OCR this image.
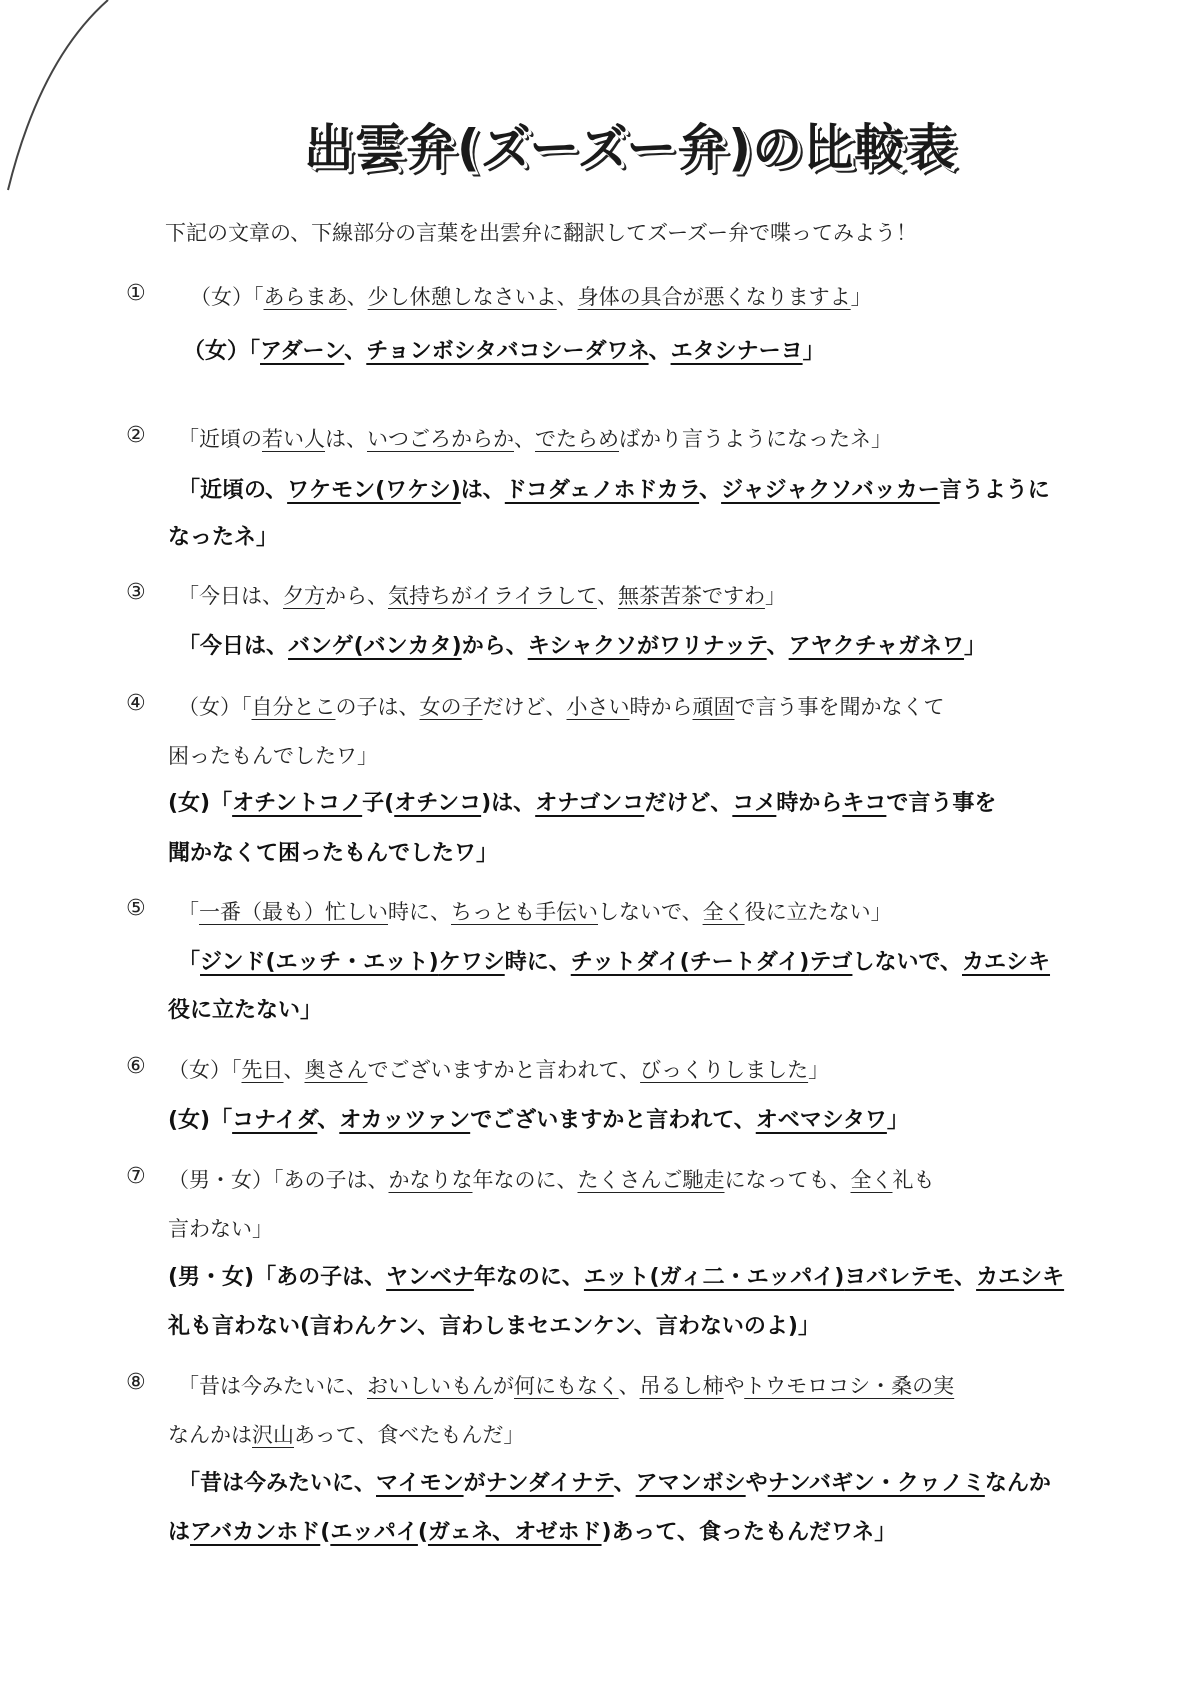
出雲弁(ズーズー弁)の比較表
下記の文章の、下線部分の言葉を出雲弁に翻訳してズーズー弁で喋ってみよう！
① （女）「あらまあ、少し休憩しなさいよ、身体の具合が悪くなりますよ」
（女）「アダーン、チョンボシタバコシーダワネ、エタシナーヨ」
② 「近頃の若い人は、いつごろからか、でたらめばかり言うようになったネ」
「近頃の、ワケモン(ワケシ)は、ドコダェノホドカラ、ジャジャクソバッカー言うように
なったネ」
③ 「今日は、夕方から、気持ちがイライラして、無茶苦茶ですわ」
「今日は、バンゲ(バンカタ)から、キシャクソがワリナッテ、アヤクチャガネワ」
④ （女）「自分とこの子は、女の子だけど、小さい時から頑固で言う事を聞かなくて
困ったもんでしたワ」
(女)「オチントコノ子(オチンコ)は、オナゴンコだけど、コメ時からキコで言う事を
聞かなくて困ったもんでしたワ」
⑤ 「一番（最も）忙しい時に、ちっとも手伝いしないで、全く役に立たない」
「ジンド(エッチ・エット)ケワシ時に、チットダイ(チートダイ)テゴしないで、カエシキ
役に立たない」
⑥ （女）「先日、奥さんでございますかと言われて、びっくりしました」
(女)「コナイダ、オカッツァンでございますかと言われて、オベマシタワ」
⑦ （男・女）「あの子は、かなりな年なのに、たくさんご馳走になっても、全く礼も
言わない」
(男・女)「あの子は、ヤンベナ年なのに、エット(ガィ二・エッパイ)ヨバレテモ、カエシキ
礼も言わない(言わんケン、言わしまセエンケン、言わないのよ)」
⑧ 「昔は今みたいに、おいしいもんが何にもなく、吊るし柿やトウモロコシ・桑の実
なんかは沢山あって、食べたもんだ」
「昔は今みたいに、マイモンがナンダイナテ、アマンボシやナンバギン・クヮノミなんか
はアバカンホド(エッパイ(ガェネ、オゼホド)あって、食ったもんだワネ」
